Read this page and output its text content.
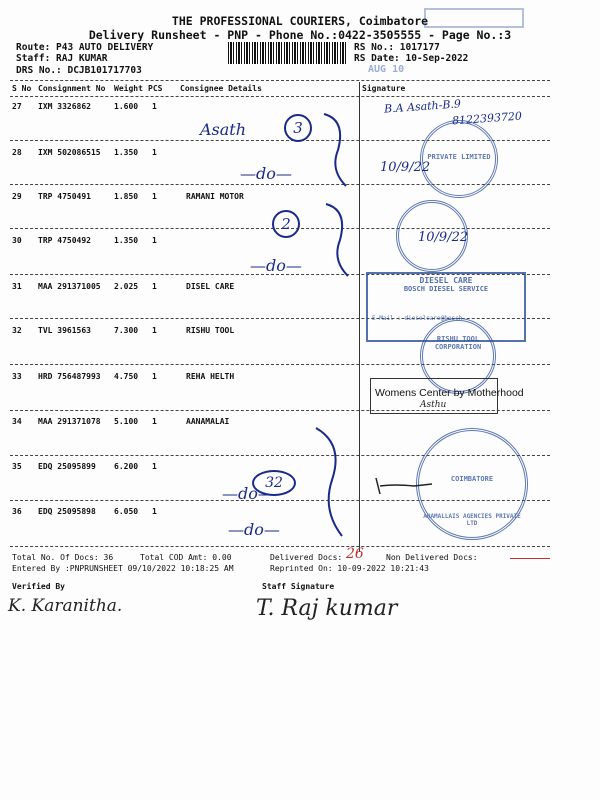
THE PROFESSIONAL COURIERS, Coimbatore
Delivery Runsheet - PNP - Phone No.:0422-3505555 - Page No.:3
Route: P43 AUTO DELIVERY
Staff: RAJ KUMAR
DRS No.: DCJB101717703
RS No.: 1017177
RS Date: 10-Sep-2022
AUG 10
S No Consignment No Weight PCS Consignee Details	Signature
27 IXM 3326862	1.600 1
28 IXM 502086515 1.350 1
29 TRP 4750491	1.850 1	RAMANI MOTOR
30 TRP 4750492	1.350 1
31 MAA 291371005 2.025 1	DISEL CARE
32 TVL 3961563	7.300 1	RISHU TOOL
33 HRD 756487993 4.750 1	REHA HELTH
34 MAA 291371078 5.100 1	AANAMALAI
35 EDQ 25095899 6.200 1
36 EDQ 25095898 6.050 1
Asath	3
—do—
2
—do—
—do—
32
—do—
B.A Asath-B.9
8122393720
PRIVATE LIMITED
10/9/22
10/9/22
DIESEL CARE
BOSCH DIESEL SERVICE
E-Mail : dieselcare@bosch
RISHU TOOL CORPORATION
Womens Center by Motherhood
Asthu
COIMBATORE
ANAMALLAIS AGENCIES PRIVATE LTD
Total No. Of Docs: 36	Total COD Amt: 0.00	Delivered Docs: 26	Non Delivered Docs:
Entered By :PNPRUNSHEET 09/10/2022 10:18:25 AM	Reprinted On: 10-09-2022 10:21:43
Verified By
K. Karanitha.
Staff Signature
T. Raj kumar
